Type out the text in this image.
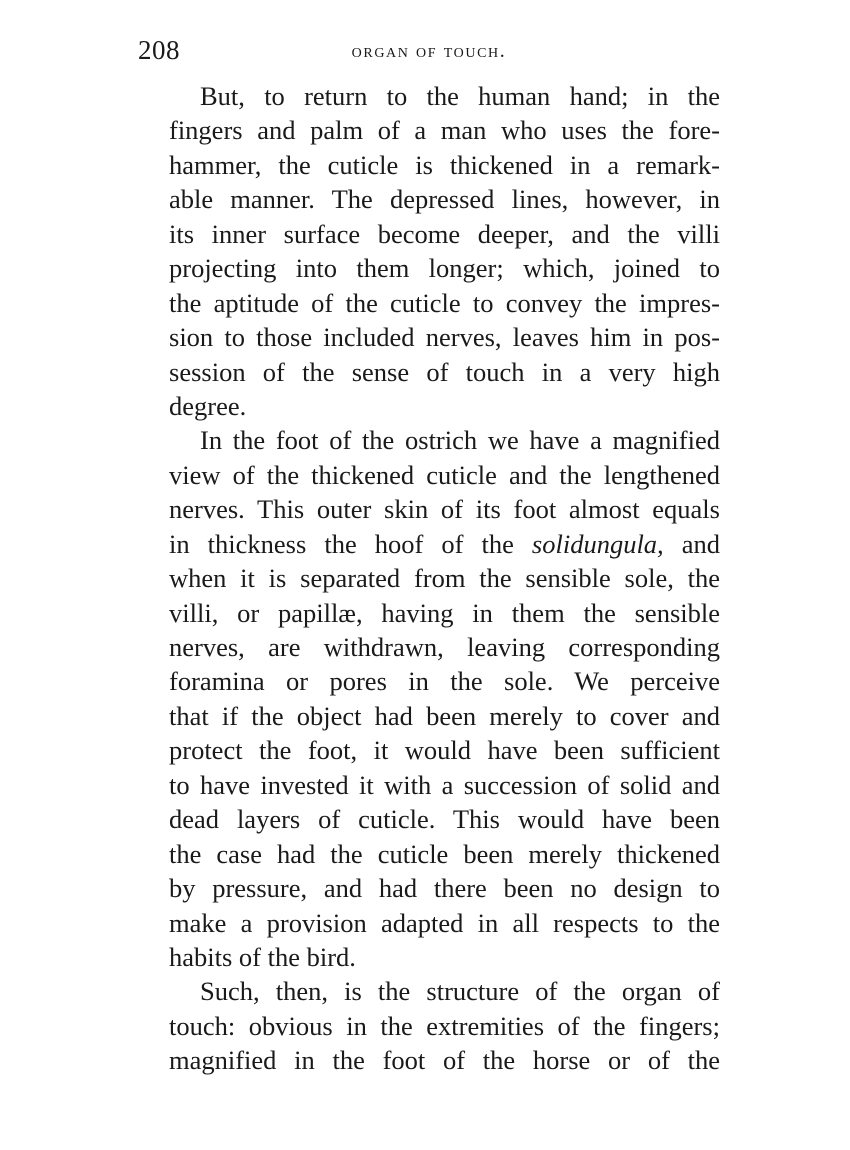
208	organ of touch.
But, to return to the human hand; in the
fingers and palm of a man who uses the fore-
hammer, the cuticle is thickened in a remark-
able manner. The depressed lines, however, in
its inner surface become deeper, and the villi
projecting into them longer; which, joined to
the aptitude of the cuticle to convey the impres-
sion to those included nerves, leaves him in pos-
session of the sense of touch in a very high
degree.
In the foot of the ostrich we have a magnified
view of the thickened cuticle and the lengthened
nerves. This outer skin of its foot almost equals
in thickness the hoof of the solidungula, and
when it is separated from the sensible sole, the
villi, or papillæ, having in them the sensible
nerves, are withdrawn, leaving corresponding
foramina or pores in the sole. We perceive
that if the object had been merely to cover and
protect the foot, it would have been sufficient
to have invested it with a succession of solid and
dead layers of cuticle. This would have been
the case had the cuticle been merely thickened
by pressure, and had there been no design to
make a provision adapted in all respects to the
habits of the bird.
Such, then, is the structure of the organ of
touch: obvious in the extremities of the fingers;
magnified in the foot of the horse or of the
